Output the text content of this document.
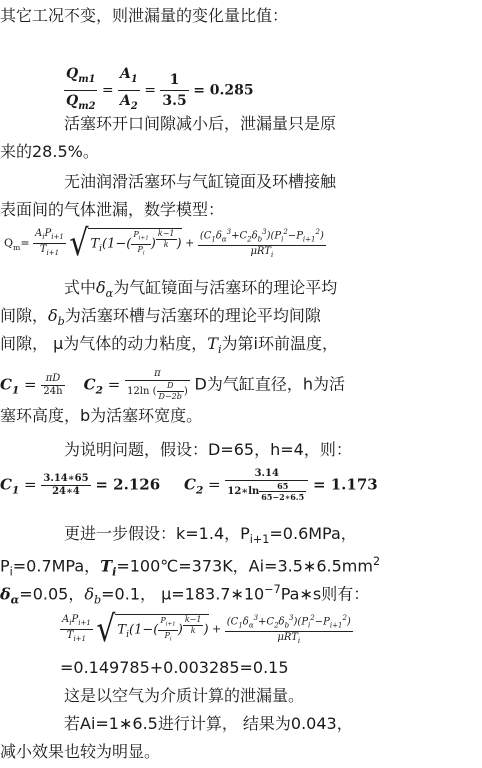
其它工况不变，则泄漏量的变化量比值：
$\frac{Q_{m1}}{Q_{m2}} = \frac{A_1}{A_2} = \frac{1}{3.5} = 0.285$
活塞环开口间隙减小后，泄漏量只是原
来的28.5%。
无油润滑活塞环与气缸镜面及环槽接触
表面间的气体泄漏，数学模型：
$Q_m= \frac{A_iP_{i+1}}{T_{i+1}}$ √ $T_i(1-( \frac{P_{i+1}}{P_i}$ ) $^{\frac{k-1}{k}}$ ) + $\frac{(C_1\delta_\alpha^3+C_2\delta_b^3)(P_i^2-P_{i+1}^2)}{\mu RT_i}$
式中$\delta_\alpha$为气缸镜面与活塞环的理论平均
间隙，$\delta_b$为活塞环槽与活塞环的理论平均间隙
间隙， μ为气体的动力粘度，$T_i$为第i环前温度，
$C_1 = \frac{\pi D}{24h} C_2 = \frac{\pi}{12\ln ( \frac{D}{D-2b} )}$ D为气缸直径，h为活
塞环高度，b为活塞环宽度。
为说明问题，假设：D=65，h=4，则：
$C_1 = \frac{3.14∗65}{24∗4} = 2.126$ $C_2 = \frac{3.14}{12∗\ln \frac{65}{65-2∗6.5}} = 1.173$
更进一步假设：k=1.4，$P_{i+1}=0.6MPa$，
$P_i=0.7MPa$，$T_i=100℃=373K$，$Ai=3.5∗6.5mm^2$
$\delta_\alpha=0.05$，$\delta_b=0.1$， $\mu=183.7∗10^{-7}Pa∗s$则有：
$\frac{A_iP_{i+1}}{T_{i+1}}$ √ $T_i(1-( \frac{P_{i+1}}{P_i}$ ) $^{\frac{k-1}{k}}$ ) + $\frac{(C_1\delta_\alpha^3+C_2\delta_b^3)(P_i^2-P_{i+1}^2)}{\mu RT_i}$
=0.149785+0.003285=0.15
这是以空气为介质计算的泄漏量。
若Ai=1∗6.5进行计算， 结果为0.043，
减小效果也较为明显。
